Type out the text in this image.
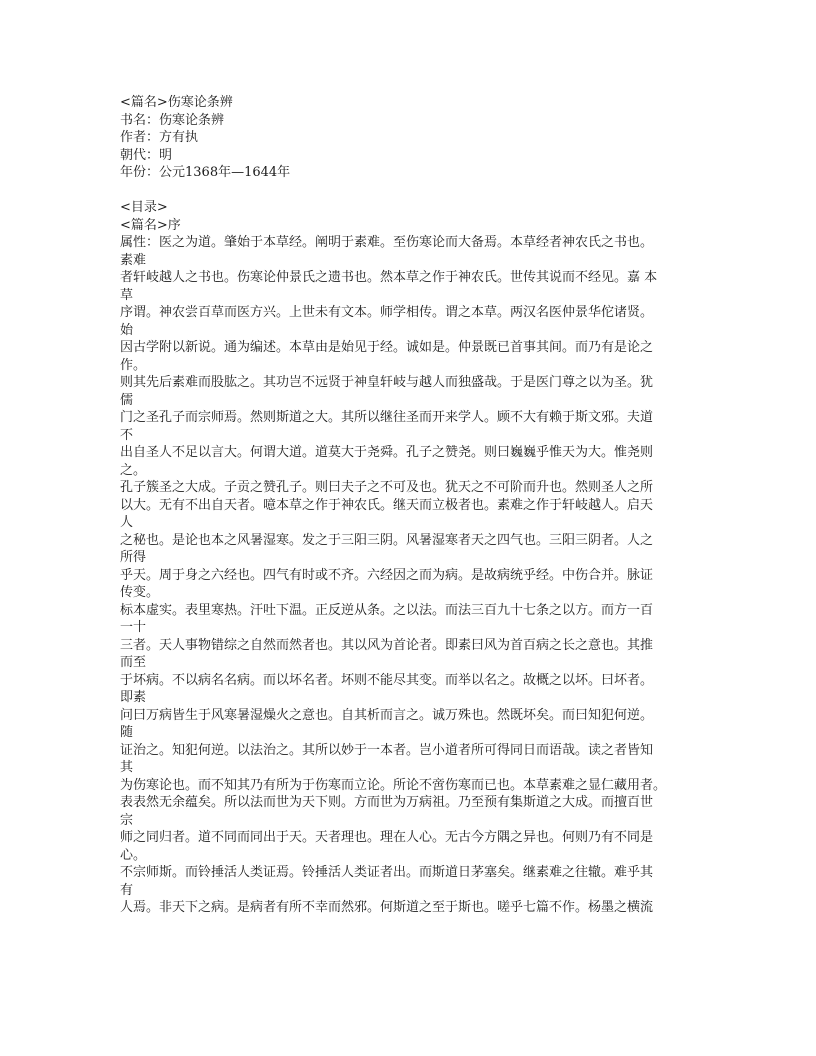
<篇名>伤寒论条辨
书名：伤寒论条辨
作者：方有执
朝代：明
年份：公元1368年—1644年
<目录>
<篇名>序
属性：医之为道。肇始于本草经。阐明于素难。至伤寒论而大备焉。本草经者神农氏之书也。
素难
者轩岐越人之书也。伤寒论仲景氏之遗书也。然本草之作于神农氏。世传其说而不经见。嘉 本
草
序谓。神农尝百草而医方兴。上世未有文本。师学相传。谓之本草。两汉名医仲景华佗诸贤。
始
因古学附以新说。通为编述。本草由是始见于经。诚如是。仲景既已首事其间。而乃有是论之
作。
则其先后素难而股肱之。其功岂不远贤于神皇轩岐与越人而独盛哉。于是医门尊之以为圣。犹
儒
门之圣孔子而宗师焉。然则斯道之大。其所以继往圣而开来学人。顾不大有赖于斯文邪。夫道
不
出自圣人不足以言大。何谓大道。道莫大于尧舜。孔子之赞尧。则曰巍巍乎惟天为大。惟尧则
之。
孔子簇圣之大成。子贡之赞孔子。则曰夫子之不可及也。犹天之不可阶而升也。然则圣人之所
以大。无有不出自天者。噫本草之作于神农氏。继天而立极者也。素难之作于轩岐越人。启天
人
之秘也。是论也本之风暑湿寒。发之于三阳三阴。风暑湿寒者天之四气也。三阳三阴者。人之
所得
乎天。周于身之六经也。四气有时或不齐。六经因之而为病。是故病统乎经。中伤合并。脉证
传变。
标本虚实。表里寒热。汗吐下温。正反逆从条。之以法。而法三百九十七条之以方。而方一百
一十
三者。天人事物错综之自然而然者也。其以风为首论者。即素曰风为首百病之长之意也。其推
而至
于坏病。不以病名名病。而以坏名者。坏则不能尽其变。而举以名之。故概之以坏。曰坏者。
即素
问曰万病皆生于风寒暑湿燥火之意也。自其析而言之。诚万殊也。然既坏矣。而曰知犯何逆。
随
证治之。知犯何逆。以法治之。其所以妙于一本者。岂小道者所可得同日而语哉。读之者皆知
其
为伤寒论也。而不知其乃有所为于伤寒而立论。所论不啻伤寒而已也。本草素难之显仁藏用者。
表表然无余蕴矣。所以法而世为天下则。方而世为万病祖。乃至预有集斯道之大成。而擅百世
宗
师之同归者。道不同而同出于天。天者理也。理在人心。无古今方隅之异也。何则乃有不同是
心。
不宗师斯。而铃捶活人类证焉。铃捶活人类证者出。而斯道日茅塞矣。继素难之往辙。难乎其
有
人焉。非天下之病。是病者有所不幸而然邪。何斯道之至于斯也。嗟乎七篇不作。杨墨之横流
